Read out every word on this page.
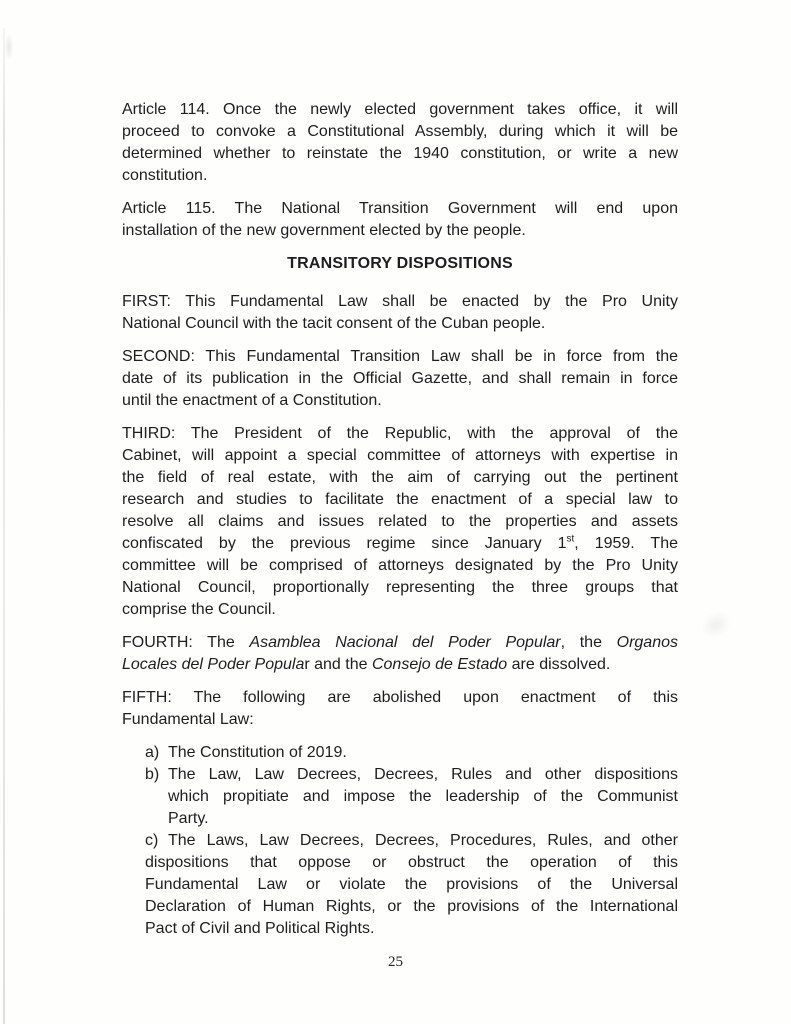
Article 114. Once the newly elected government takes office, it will
proceed to convoke a Constitutional Assembly, during which it will be
determined whether to reinstate the 1940 constitution, or write a new
constitution.
Article 115. The National Transition Government will end upon
installation of the new government elected by the people.
TRANSITORY DISPOSITIONS
FIRST: This Fundamental Law shall be enacted by the Pro Unity
National Council with the tacit consent of the Cuban people.
SECOND: This Fundamental Transition Law shall be in force from the
date of its publication in the Official Gazette, and shall remain in force
until the enactment of a Constitution.
THIRD: The President of the Republic, with the approval of the
Cabinet, will appoint a special committee of attorneys with expertise in
the field of real estate, with the aim of carrying out the pertinent
research and studies to facilitate the enactment of a special law to
resolve all claims and issues related to the properties and assets
confiscated by the previous regime since January 1st, 1959. The
committee will be comprised of attorneys designated by the Pro Unity
National Council, proportionally representing the three groups that
comprise the Council.
FOURTH: The Asamblea Nacional del Poder Popular, the Organos
Locales del Poder Popular and the Consejo de Estado are dissolved.
FIFTH: The following are abolished upon enactment of this
Fundamental Law:
a) The Constitution of 2019.
b) The Law, Law Decrees, Decrees, Rules and other dispositions
which propitiate and impose the leadership of the Communist
Party.
c) The Laws, Law Decrees, Decrees, Procedures, Rules, and other
dispositions that oppose or obstruct the operation of this
Fundamental Law or violate the provisions of the Universal
Declaration of Human Rights, or the provisions of the International
Pact of Civil and Political Rights.
25
